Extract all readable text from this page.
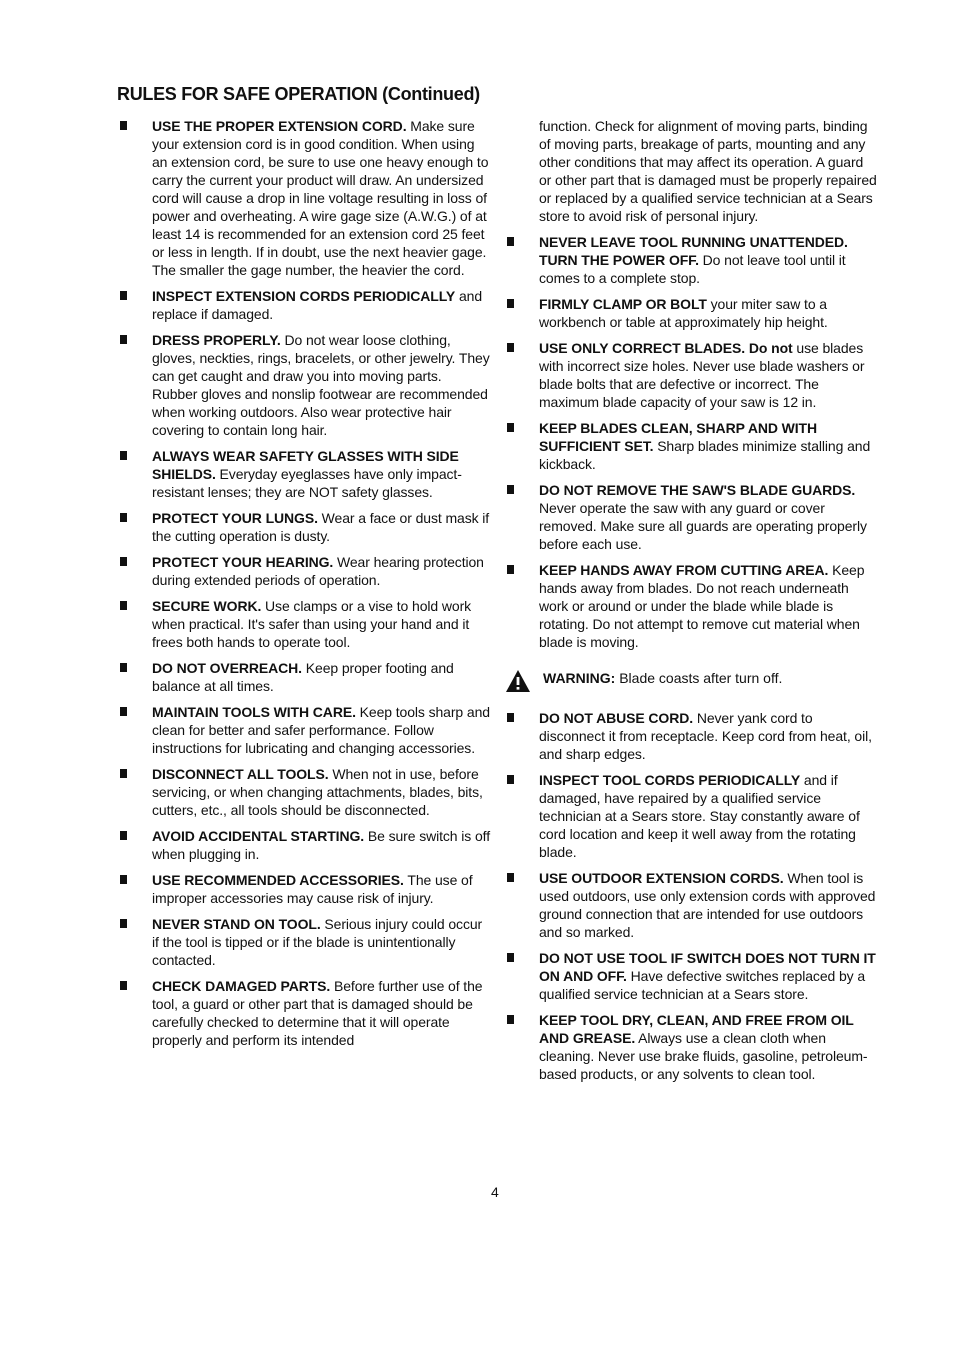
RULES FOR SAFE OPERATION (Continued)
USE THE PROPER EXTENSION CORD. Make sure your extension cord is in good condition. When using an extension cord, be sure to use one heavy enough to carry the current your product will draw. An undersized cord will cause a drop in line voltage resulting in loss of power and overheating. A wire gage size (A.W.G.) of at least 14 is recommended for an extension cord 25 feet or less in length. If in doubt, use the next heavier gage. The smaller the gage number, the heavier the cord.
INSPECT EXTENSION CORDS PERIODICALLY and replace if damaged.
DRESS PROPERLY. Do not wear loose clothing, gloves, neckties, rings, bracelets, or other jewelry. They can get caught and draw you into moving parts. Rubber gloves and nonslip footwear are recommended when working outdoors. Also wear protective hair covering to contain long hair.
ALWAYS WEAR SAFETY GLASSES WITH SIDE SHIELDS. Everyday eyeglasses have only impact-resistant lenses; they are NOT safety glasses.
PROTECT YOUR LUNGS. Wear a face or dust mask if the cutting operation is dusty.
PROTECT YOUR HEARING. Wear hearing protection during extended periods of operation.
SECURE WORK. Use clamps or a vise to hold work when practical. It's safer than using your hand and it frees both hands to operate tool.
DO NOT OVERREACH. Keep proper footing and balance at all times.
MAINTAIN TOOLS WITH CARE. Keep tools sharp and clean for better and safer performance. Follow instructions for lubricating and changing accessories.
DISCONNECT ALL TOOLS. When not in use, before servicing, or when changing attachments, blades, bits, cutters, etc., all tools should be disconnected.
AVOID ACCIDENTAL STARTING. Be sure switch is off when plugging in.
USE RECOMMENDED ACCESSORIES. The use of improper accessories may cause risk of injury.
NEVER STAND ON TOOL. Serious injury could occur if the tool is tipped or if the blade is unintentionally contacted.
CHECK DAMAGED PARTS. Before further use of the tool, a guard or other part that is damaged should be carefully checked to determine that it will operate properly and perform its intended
function. Check for alignment of moving parts, binding of moving parts, breakage of parts, mounting and any other conditions that may affect its operation. A guard or other part that is damaged must be properly repaired or replaced by a qualified service technician at a Sears store to avoid risk of personal injury.
NEVER LEAVE TOOL RUNNING UNATTENDED. TURN THE POWER OFF. Do not leave tool until it comes to a complete stop.
FIRMLY CLAMP OR BOLT your miter saw to a workbench or table at approximately hip height.
USE ONLY CORRECT BLADES. Do not use blades with incorrect size holes. Never use blade washers or blade bolts that are defective or incorrect. The maximum blade capacity of your saw is 12 in.
KEEP BLADES CLEAN, SHARP AND WITH SUFFICIENT SET. Sharp blades minimize stalling and kickback.
DO NOT REMOVE THE SAW'S BLADE GUARDS. Never operate the saw with any guard or cover removed. Make sure all guards are operating properly before each use.
KEEP HANDS AWAY FROM CUTTING AREA. Keep hands away from blades. Do not reach underneath work or around or under the blade while blade is rotating. Do not attempt to remove cut material when blade is moving.
WARNING: Blade coasts after turn off.
DO NOT ABUSE CORD. Never yank cord to disconnect it from receptacle. Keep cord from heat, oil, and sharp edges.
INSPECT TOOL CORDS PERIODICALLY and if damaged, have repaired by a qualified service technician at a Sears store. Stay constantly aware of cord location and keep it well away from the rotating blade.
USE OUTDOOR EXTENSION CORDS. When tool is used outdoors, use only extension cords with approved ground connection that are intended for use outdoors and so marked.
DO NOT USE TOOL IF SWITCH DOES NOT TURN IT ON AND OFF. Have defective switches replaced by a qualified service technician at a Sears store.
KEEP TOOL DRY, CLEAN, AND FREE FROM OIL AND GREASE. Always use a clean cloth when cleaning. Never use brake fluids, gasoline, petroleum-based products, or any solvents to clean tool.
4
